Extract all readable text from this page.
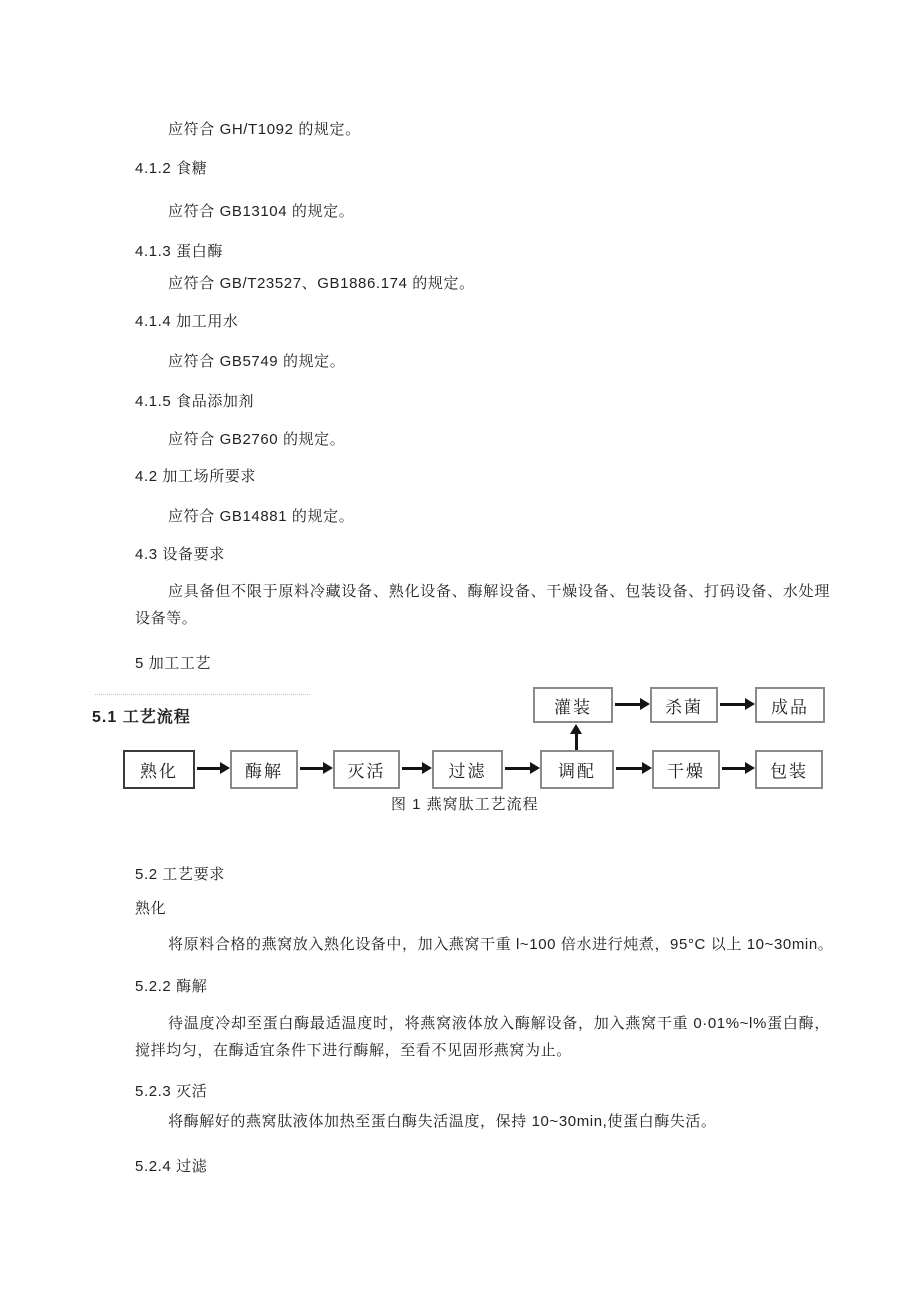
应符合 GH/T1092 的规定。
4.1.2 食糖
应符合 GB13104 的规定。
4.1.3 蛋白酶
应符合 GB/T23527、GB1886.174 的规定。
4.1.4 加工用水
应符合 GB5749 的规定。
4.1.5 食品添加剂
应符合 GB2760 的规定。
4.2 加工场所要求
应符合 GB14881 的规定。
4.3 设备要求
应具备但不限于原料冷藏设备、熟化设备、酶解设备、干燥设备、包装设备、打码设备、水处理设备等。
5 加工工艺
5.1 工艺流程
灌装	杀菌	成品
熟化	酶解	灭活	过滤	调配	干燥	包装
图 1 燕窝肽工艺流程
5.2 工艺要求
熟化
将原料合格的燕窝放入熟化设备中，加入燕窝干重 l~100 倍水进行炖煮，95°C 以上 10~30min。
5.2.2 酶解
待温度冷却至蛋白酶最适温度时，将燕窝液体放入酶解设备，加入燕窝干重 0·01%~l%蛋白酶，搅拌均匀，在酶适宜条件下进行酶解，至看不见固形燕窝为止。
5.2.3 灭活
将酶解好的燕窝肽液体加热至蛋白酶失活温度，保持 10~30min,使蛋白酶失活。
5.2.4 过滤
